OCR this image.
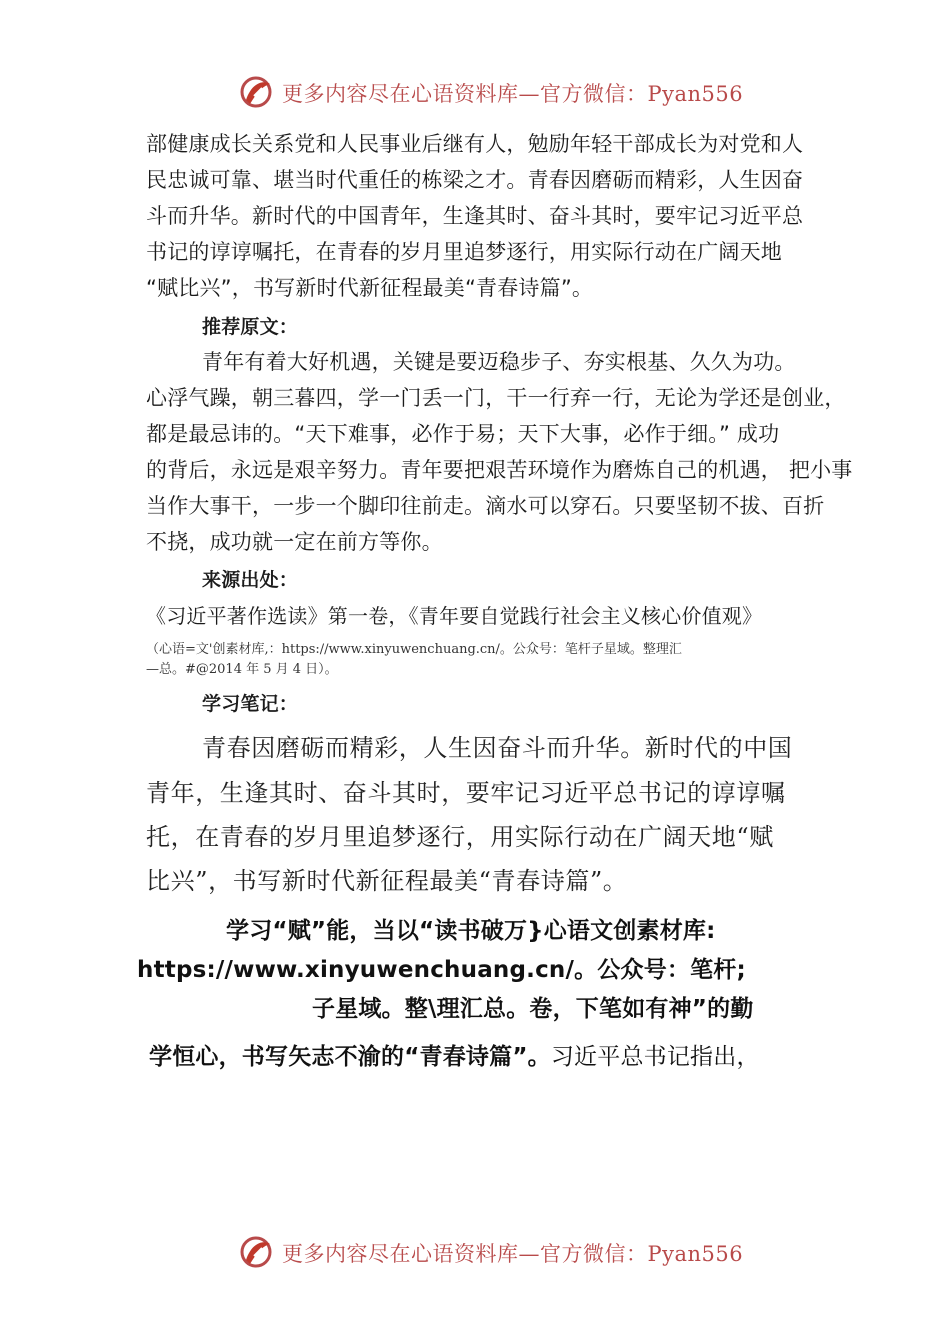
更多内容尽在心语资料库—官方微信：Pyan556
部健康成长关系党和人民事业后继有人，勉励年轻干部成长为对党和人
民忠诚可靠、堪当时代重任的栋梁之才。青春因磨砺而精彩，人生因奋
斗而升华。新时代的中国青年，生逢其时、奋斗其时，要牢记习近平总
书记的谆谆嘱托，在青春的岁月里追梦逐行，用实际行动在广阔天地
“赋比兴”，书写新时代新征程最美“青春诗篇”。
推荐原文：
青年有着大好机遇，关键是要迈稳步子、夯实根基、久久为功。
心浮气躁，朝三暮四，学一门丢一门，干一行弃一行，无论为学还是创业，
都是最忌讳的。“天下难事，必作于易；天下大事，必作于细。” 成功
的背后，永远是艰辛努力。青年要把艰苦环境作为磨炼自己的机遇， 把小事
当作大事干，一步一个脚印往前走。滴水可以穿石。只要坚韧不拔、百折
不挠，成功就一定在前方等你。
来源出处：
《习近平著作选读》第一卷，《青年要自觉践行社会主义核心价值观》
（心语=文'创素材库,：https://www.xinyuwenchuang.cn/。公众号：笔杆子星域。整理汇
—总。#@2014 年 5 月 4 日）。
学习笔记：
青春因磨砺而精彩，人生因奋斗而升华。新时代的中国
青年，生逢其时、奋斗其时，要牢记习近平总书记的谆谆嘱
托，在青春的岁月里追梦逐行，用实际行动在广阔天地“赋
比兴”，书写新时代新征程最美“青春诗篇”。
学习“赋”能，当以“读书破万}心语文创素材库:
https://www.xinyuwenchuang.cn/。公众号：笔杆;
子星域。整\理汇总。卷，下笔如有神”的勤
学恒心，书写矢志不渝的“青春诗篇”。习近平总书记指出，
更多内容尽在心语资料库—官方微信：Pyan556
